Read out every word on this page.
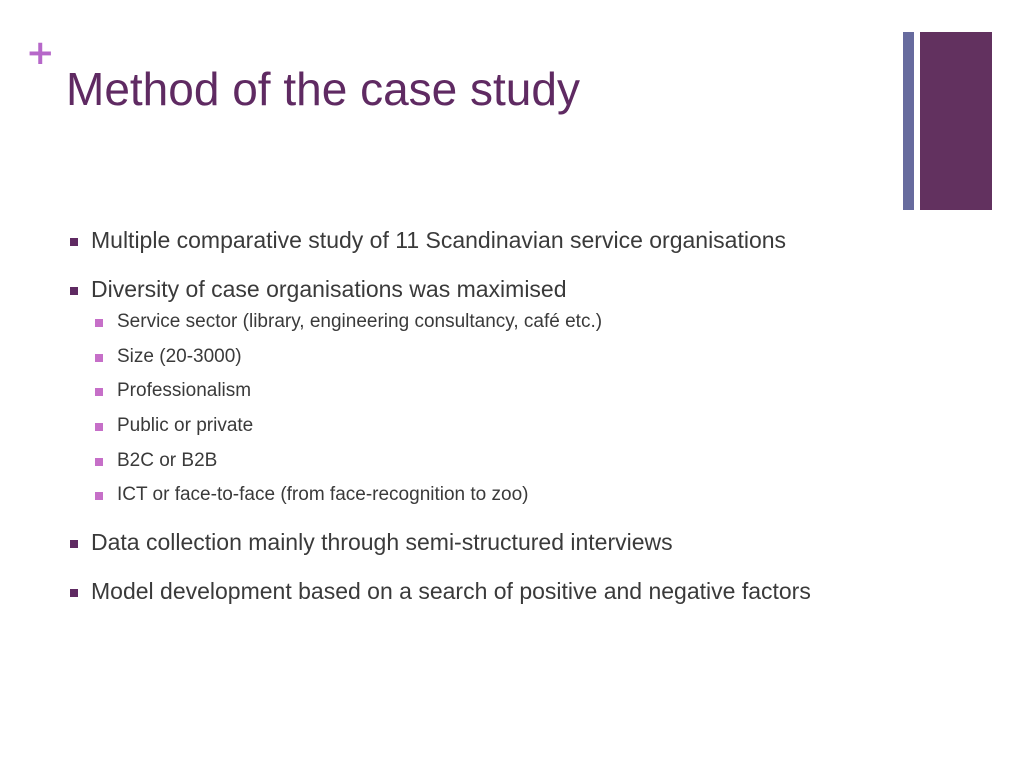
+
Method of the case study
Multiple comparative study of 11 Scandinavian service organisations
Diversity of case organisations was maximised
Service sector (library, engineering consultancy, café etc.)
Size (20-3000)
Professionalism
Public or private
B2C or B2B
ICT or face-to-face (from face-recognition to zoo)
Data collection mainly through semi-structured interviews
Model development based on a search of positive and negative factors
